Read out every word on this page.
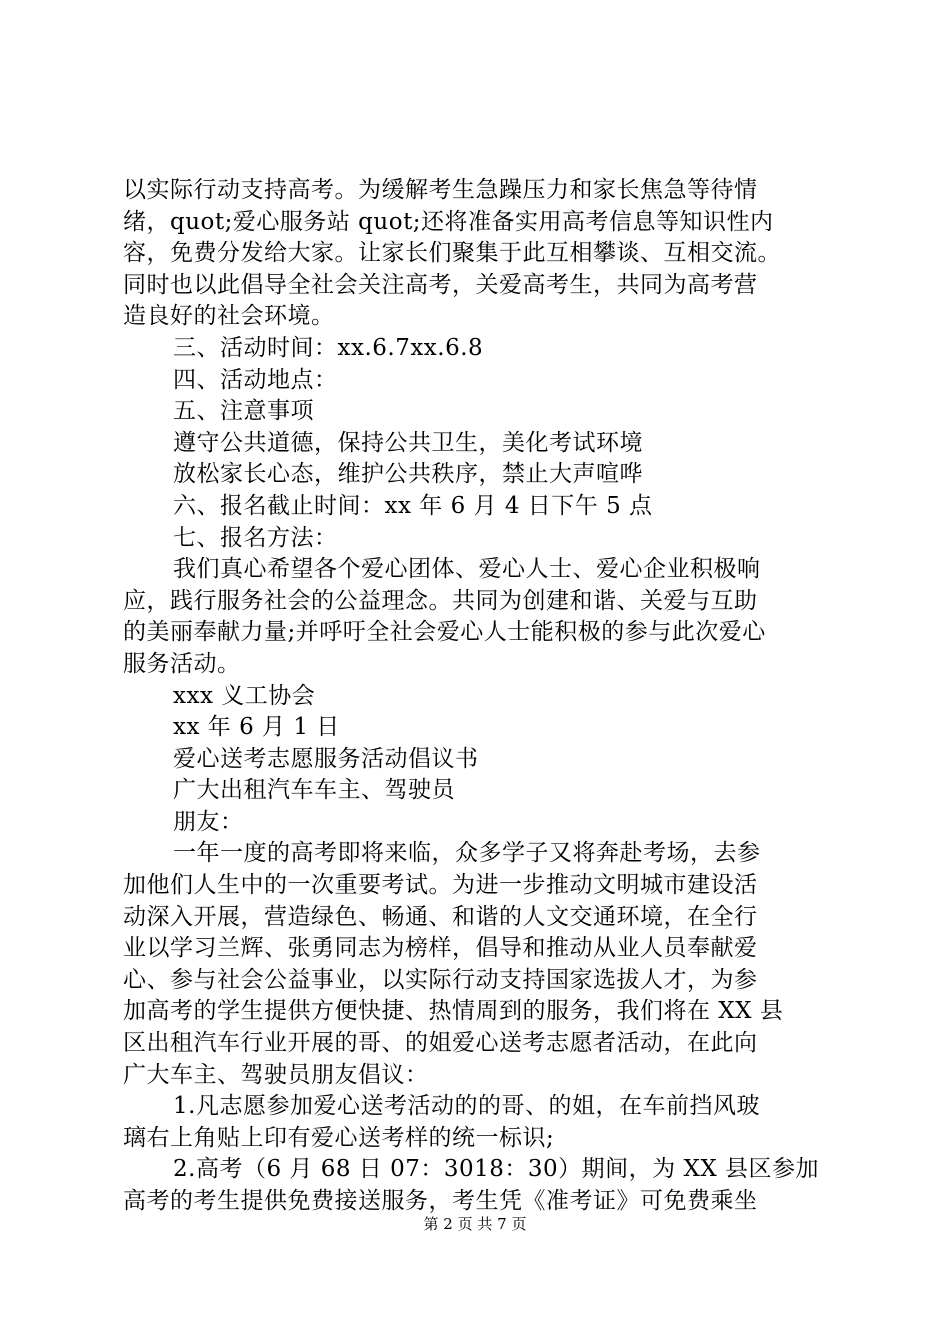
以实际行动支持高考。为缓解考生急躁压力和家长焦急等待情
绪，quot;爱心服务站 quot;还将准备实用高考信息等知识性内
容，免费分发给大家。让家长们聚集于此互相攀谈、互相交流。
同时也以此倡导全社会关注高考，关爱高考生，共同为高考营
造良好的社会环境。
三、活动时间：xx.6.7xx.6.8
四、活动地点：
五、注意事项
遵守公共道德，保持公共卫生，美化考试环境
放松家长心态，维护公共秩序，禁止大声喧哗
六、报名截止时间：xx 年 6 月 4 日下午 5 点
七、报名方法：
我们真心希望各个爱心团体、爱心人士、爱心企业积极响
应，践行服务社会的公益理念。共同为创建和谐、关爱与互助
的美丽奉献力量;并呼吁全社会爱心人士能积极的参与此次爱心
服务活动。
xxx 义工协会
xx 年 6 月 1 日
爱心送考志愿服务活动倡议书
广大出租汽车车主、驾驶员
朋友：
一年一度的高考即将来临，众多学子又将奔赴考场，去参
加他们人生中的一次重要考试。为进一步推动文明城市建设活
动深入开展，营造绿色、畅通、和谐的人文交通环境，在全行
业以学习兰辉、张勇同志为榜样，倡导和推动从业人员奉献爱
心、参与社会公益事业，以实际行动支持国家选拔人才，为参
加高考的学生提供方便快捷、热情周到的服务，我们将在 XX 县
区出租汽车行业开展的哥、的姐爱心送考志愿者活动，在此向
广大车主、驾驶员朋友倡议：
1.凡志愿参加爱心送考活动的的哥、的姐，在车前挡风玻
璃右上角贴上印有爱心送考样的统一标识;
2.高考（6 月 68 日 07：3018：30）期间，为 XX 县区参加
高考的考生提供免费接送服务，考生凭《准考证》可免费乘坐
第 2 页 共 7 页
